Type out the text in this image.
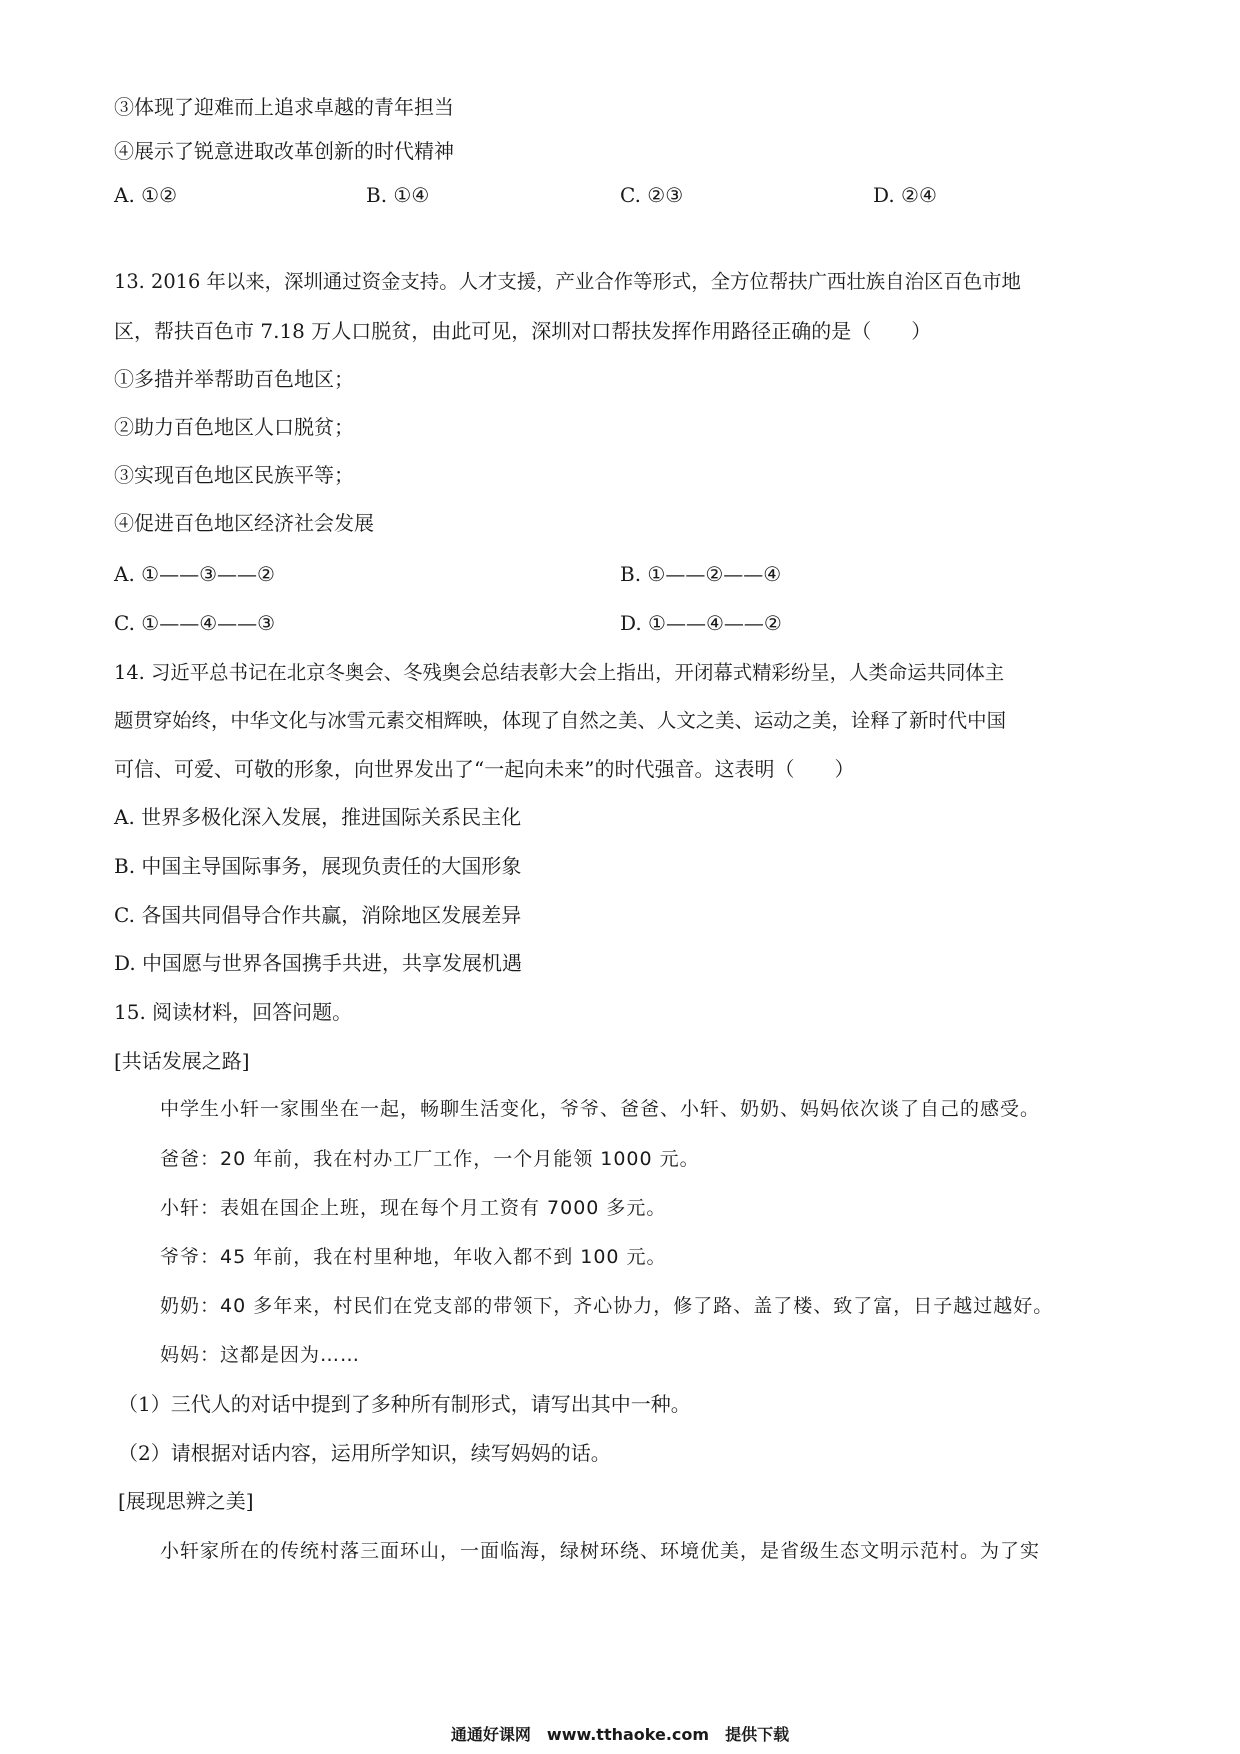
③体现了迎难而上追求卓越的青年担当
④展示了锐意进取改革创新的时代精神
A. ①②	B. ①④	C. ②③	D. ②④
13. 2016 年以来，深圳通过资金支持。人才支援，产业合作等形式，全方位帮扶广西壮族自治区百色市地
区，帮扶百色市 7.18 万人口脱贫，由此可见，深圳对口帮扶发挥作用路径正确的是（　　）
①多措并举帮助百色地区；
②助力百色地区人口脱贫；
③实现百色地区民族平等；
④促进百色地区经济社会发展
A. ①——③——②	B. ①——②——④
C. ①——④——③	D. ①——④——②
14. 习近平总书记在北京冬奥会、冬残奥会总结表彰大会上指出，开闭幕式精彩纷呈，人类命运共同体主
题贯穿始终，中华文化与冰雪元素交相辉映，体现了自然之美、人文之美、运动之美，诠释了新时代中国
可信、可爱、可敬的形象，向世界发出了“一起向未来”的时代强音。这表明（　　）
A. 世界多极化深入发展，推进国际关系民主化
B. 中国主导国际事务，展现负责任的大国形象
C. 各国共同倡导合作共赢，消除地区发展差异
D. 中国愿与世界各国携手共进，共享发展机遇
15. 阅读材料，回答问题。
[共话发展之路]
中学生小轩一家围坐在一起，畅聊生活变化，爷爷、爸爸、小轩、奶奶、妈妈依次谈了自己的感受。
爸爸：20 年前，我在村办工厂工作，一个月能领 1000 元。
小轩：表姐在国企上班，现在每个月工资有 7000 多元。
爷爷：45 年前，我在村里种地，年收入都不到 100 元。
奶奶：40 多年来，村民们在党支部的带领下，齐心协力，修了路、盖了楼、致了富，日子越过越好。
妈妈：这都是因为……
（1）三代人的对话中提到了多种所有制形式，请写出其中一种。
（2）请根据对话内容，运用所学知识，续写妈妈的话。
[展现思辨之美]
小轩家所在的传统村落三面环山，一面临海，绿树环绕、环境优美，是省级生态文明示范村。为了实
通通好课网　www.tthaoke.com　提供下载
